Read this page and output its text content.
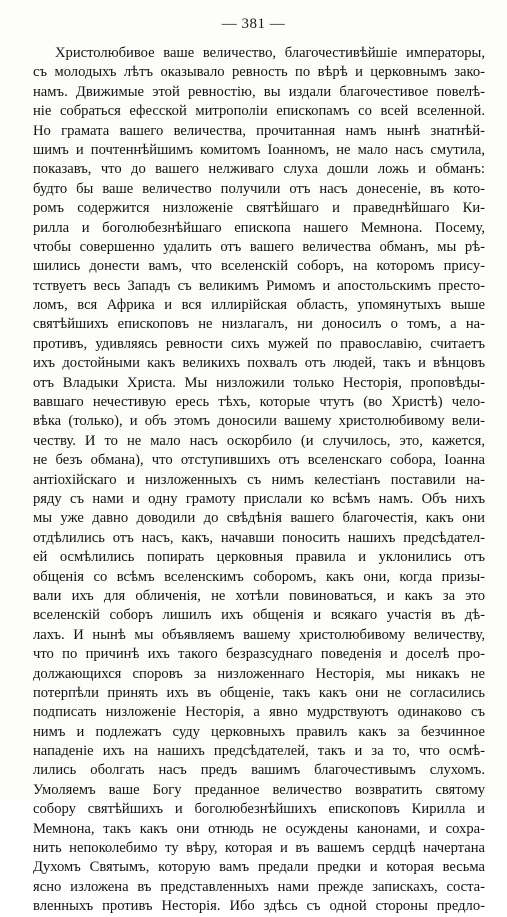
— 381 —
Христолюбивое ваше величество, благочестивѣйшіе императоры,
съ молодыхъ лѣтъ оказывало ревность по вѣрѣ и церковнымъ зако-
намъ. Движимые этой ревностію, вы издали благочестивое повелѣ-
ніе собраться ефесской митрополіи епископамъ со всей вселенной.
Но грамата вашего величества, прочитанная намъ нынѣ знатнѣй-
шимъ и почтеннѣйшимъ комитомъ Іоанномъ, не мало насъ смутила,
показавъ, что до вашего нелживаго слуха дошли ложь и обманъ:
будто бы ваше величество получили отъ насъ донесеніе, въ кото-
ромъ содержится низложеніе святѣйшаго и праведнѣйшаго Ки-
рилла и боголюбезнѣйшаго епископа нашего Мемнона. Посему,
чтобы совершенно удалить отъ вашего величества обманъ, мы рѣ-
шились донести вамъ, что вселенскій соборъ, на которомъ прису-
тствуетъ весь Западъ съ великимъ Римомъ и апостольскимъ престо-
ломъ, вся Африка и вся иллирійская область, упомянутыхъ выше
святѣйшихъ епископовъ не низлагалъ, ни доносилъ о томъ, а на-
противъ, удивляясь ревности сихъ мужей по православію, считаетъ
ихъ достойными какъ великихъ похвалъ отъ людей, такъ и вѣнцовъ
отъ Владыки Христа. Мы низложили только Несторія, проповѣды-
вавшаго нечестивую ересь тѣхъ, которые чтутъ (во Христѣ) чело-
вѣка (только), и объ этомъ доносили вашему христолюбивому вели-
честву. И то не мало насъ оскорбило (и случилось, это, кажется,
не безъ обмана), что отступившихъ отъ вселенскаго собора, Іоанна
антіохійскаго и низложенныхъ съ нимъ келестіанъ поставили на-
ряду съ нами и одну грамоту прислали ко всѣмъ намъ. Объ нихъ
мы уже давно доводили до свѣдѣнія вашего благочестія, какъ они
отдѣлились отъ насъ, какъ, начавши поносить нашихъ предсѣдател-
ей осмѣлились попирать церковныя правила и уклонились отъ
общенія со всѣмъ вселенскимъ соборомъ, какъ они, когда призы-
вали ихъ для обличенія, не хотѣли повиноваться, и какъ за это
вселенскій соборъ лишилъ ихъ общенія и всякаго участія въ дѣ-
лахъ. И нынѣ мы объявляемъ вашему христолюбивому величеству,
что по причинѣ ихъ такого безразсуднаго поведенія и доселѣ про-
должающихся споровъ за низложеннаго Несторія, мы никакъ не
потерпѣли принять ихъ въ общеніе, такъ какъ они не согласились
подписать низложеніе Несторія, а явно мудрствуютъ одинаково съ
нимъ и подлежатъ суду церковныхъ правилъ какъ за безчинное
нападеніе ихъ на нашихъ предсѣдателей, такъ и за то, что осмѣ-
лились оболгать насъ предъ вашимъ благочестивымъ слухомъ.
Умоляемъ ваше Богу преданное величество возвратить святому
собору святѣйшихъ и боголюбезнѣйшихъ епископовъ Кирилла и
Мемнона, такъ какъ они отнюдь не осуждены канонами, и сохра-
нить непоколебимо ту вѣру, которая и въ вашемъ сердцѣ начертана
Духомъ Святымъ, которую вамъ предали предки и которая весьма
ясно изложена въ представленныхъ нами прежде запискахъ, соста-
вленныхъ противъ Несторія. Ибо здѣсь съ одной стороны предло-
